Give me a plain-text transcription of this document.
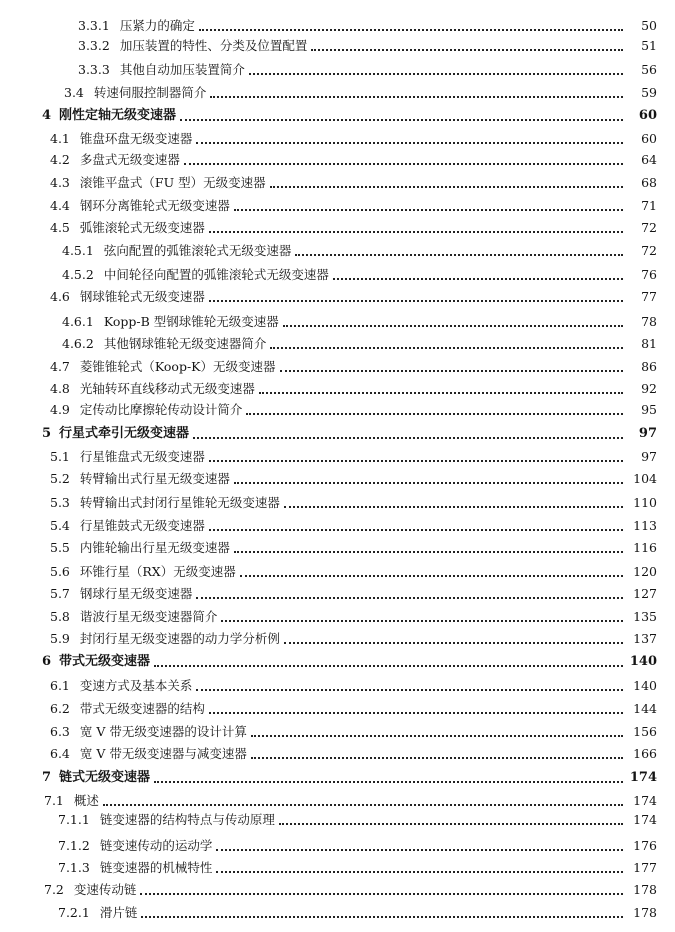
3.3.1 压紧力的确定	50
3.3.2 加压装置的特性、分类及位置配置	51
3.3.3 其他自动加压装置简介	56
3.4 转速伺服控制器简介	59
4 刚性定轴无级变速器	60
4.1 锥盘环盘无级变速器	60
4.2 多盘式无级变速器	64
4.3 滚锥平盘式（FU 型）无级变速器	68
4.4 钢环分离锥轮式无级变速器	71
4.5 弧锥滚轮式无级变速器	72
4.5.1 弦向配置的弧锥滚轮式无级变速器	72
4.5.2 中间轮径向配置的弧锥滚轮式无级变速器	76
4.6 钢球锥轮式无级变速器	77
4.6.1 Kopp-B 型钢球锥轮无级变速器	78
4.6.2 其他钢球锥轮无级变速器简介	81
4.7 菱锥锥轮式（Koop-K）无级变速器	86
4.8 光轴转环直线移动式无级变速器	92
4.9 定传动比摩擦轮传动设计简介	95
5 行星式牵引无级变速器	97
5.1 行星锥盘式无级变速器	97
5.2 转臂输出式行星无级变速器	104
5.3 转臂输出式封闭行星锥轮无级变速器	110
5.4 行星锥鼓式无级变速器	113
5.5 内锥轮输出行星无级变速器	116
5.6 环锥行星（RX）无级变速器	120
5.7 钢球行星无级变速器	127
5.8 谐波行星无级变速器简介	135
5.9 封闭行星无级变速器的动力学分析例	137
6 带式无级变速器	140
6.1 变速方式及基本关系	140
6.2 带式无级变速器的结构	144
6.3 宽 V 带无级变速器的设计计算	156
6.4 宽 V 带无级变速器与减变速器	166
7 链式无级变速器	174
7.1 概述	174
7.1.1 链变速器的结构特点与传动原理	174
7.1.2 链变速传动的运动学	176
7.1.3 链变速器的机械特性	177
7.2 变速传动链	178
7.2.1 滑片链	178
